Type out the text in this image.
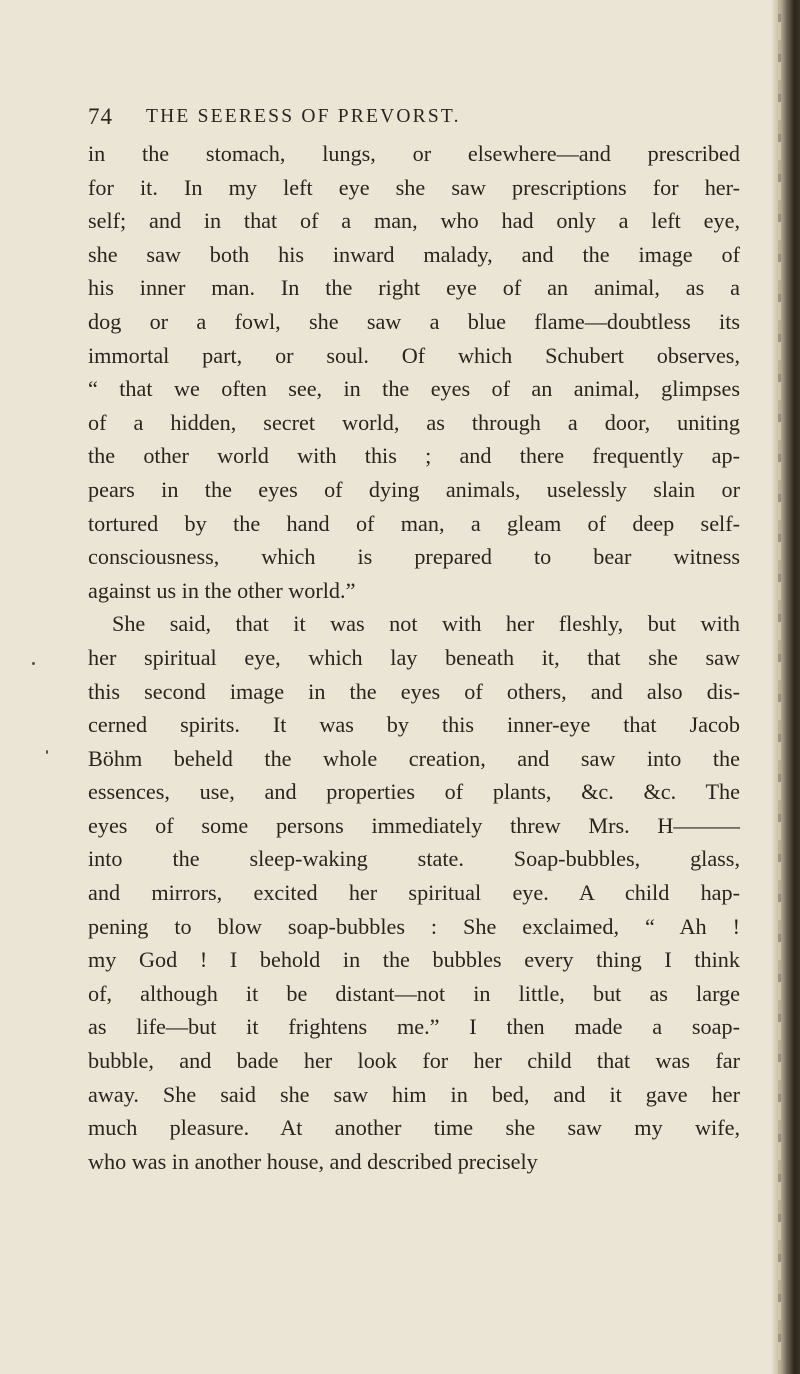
74 THE SEERESS OF PREVORST.
in the stomach, lungs, or elsewhere—and prescribed
for it. In my left eye she saw prescriptions for her-
self; and in that of a man, who had only a left eye,
she saw both his inward malady, and the image of
his inner man. In the right eye of an animal, as a
dog or a fowl, she saw a blue flame—doubtless its
immortal part, or soul. Of which Schubert observes,
“ that we often see, in the eyes of an animal, glimpses
of a hidden, secret world, as through a door, uniting
the other world with this ; and there frequently ap-
pears in the eyes of dying animals, uselessly slain or
tortured by the hand of man, a gleam of deep self-
consciousness, which is prepared to bear witness
against us in the other world.”
She said, that it was not with her fleshly, but with
her spiritual eye, which lay beneath it, that she saw
this second image in the eyes of others, and also dis-
cerned spirits. It was by this inner-eye that Jacob
Böhm beheld the whole creation, and saw into the
essences, use, and properties of plants, &c. &c. The
eyes of some persons immediately threw Mrs. H———
into the sleep-waking state. Soap-bubbles, glass,
and mirrors, excited her spiritual eye. A child hap-
pening to blow soap-bubbles : She exclaimed, “ Ah !
my God ! I behold in the bubbles every thing I think
of, although it be distant—not in little, but as large
as life—but it frightens me.” I then made a soap-
bubble, and bade her look for her child that was far
away. She said she saw him in bed, and it gave her
much pleasure. At another time she saw my wife,
who was in another house, and described precisely
